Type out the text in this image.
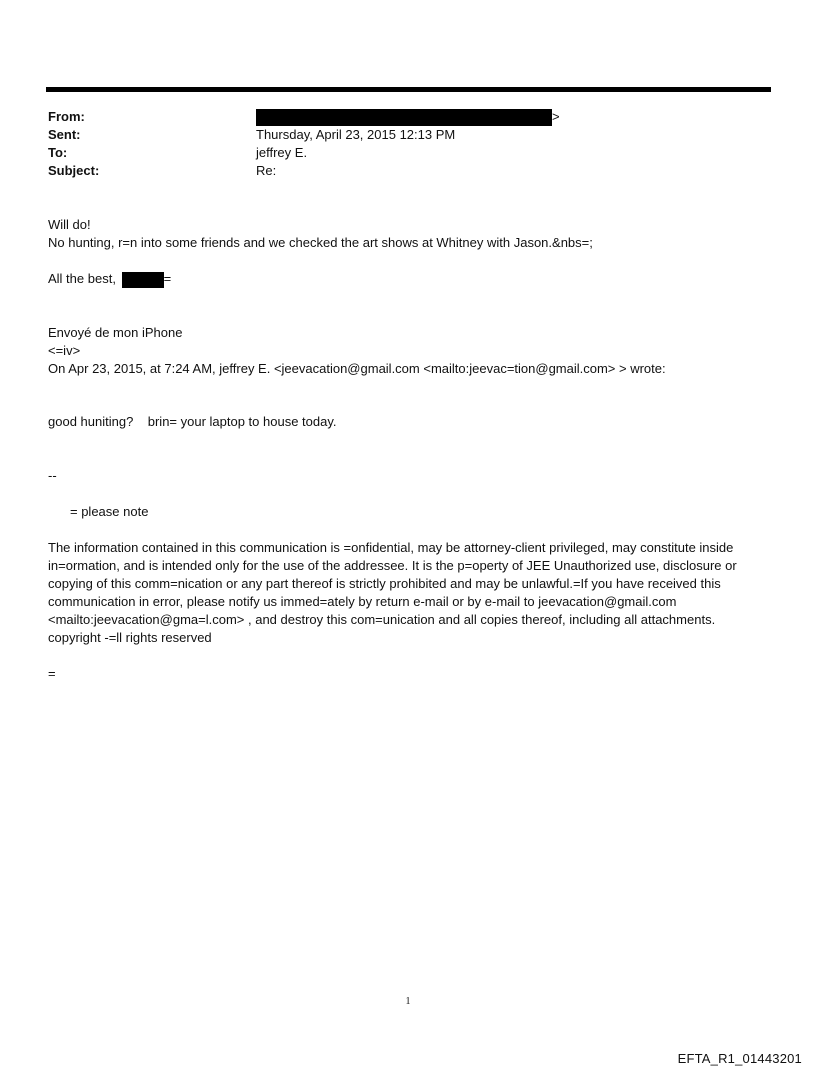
From:	>
Sent:	Thursday, April 23, 2015 12:13 PM
To:	jeffrey E.
Subject:	Re:
Will do!
No hunting, r=n into some friends and we checked the art shows at Whitney with Jason.&nbs=;
All the best,	=
Envoyé de mon iPhone
<=iv>
On Apr 23, 2015, at 7:24 AM, jeffrey E. <jeevacation@gmail.com <mailto:jeevac=tion@gmail.com> > wrote:
good huniting?    brin= your laptop to house today.
--
= please note
The information contained in this communication is =onfidential, may be attorney-client privileged, may constitute inside in=ormation, and is intended only for the use of the addressee. It is the p=operty of JEE Unauthorized use, disclosure or copying of this comm=nication or any part thereof is strictly prohibited and may be unlawful.=If you have received this communication in error, please notify us immed=ately by return e-mail or by e-mail to jeevacation@gmail.com <mailto:jeevacation@gma=l.com> , and destroy this com=unication and all copies thereof, including all attachments. copyright -=ll rights reserved
=
1
EFTA_R1_01443201
